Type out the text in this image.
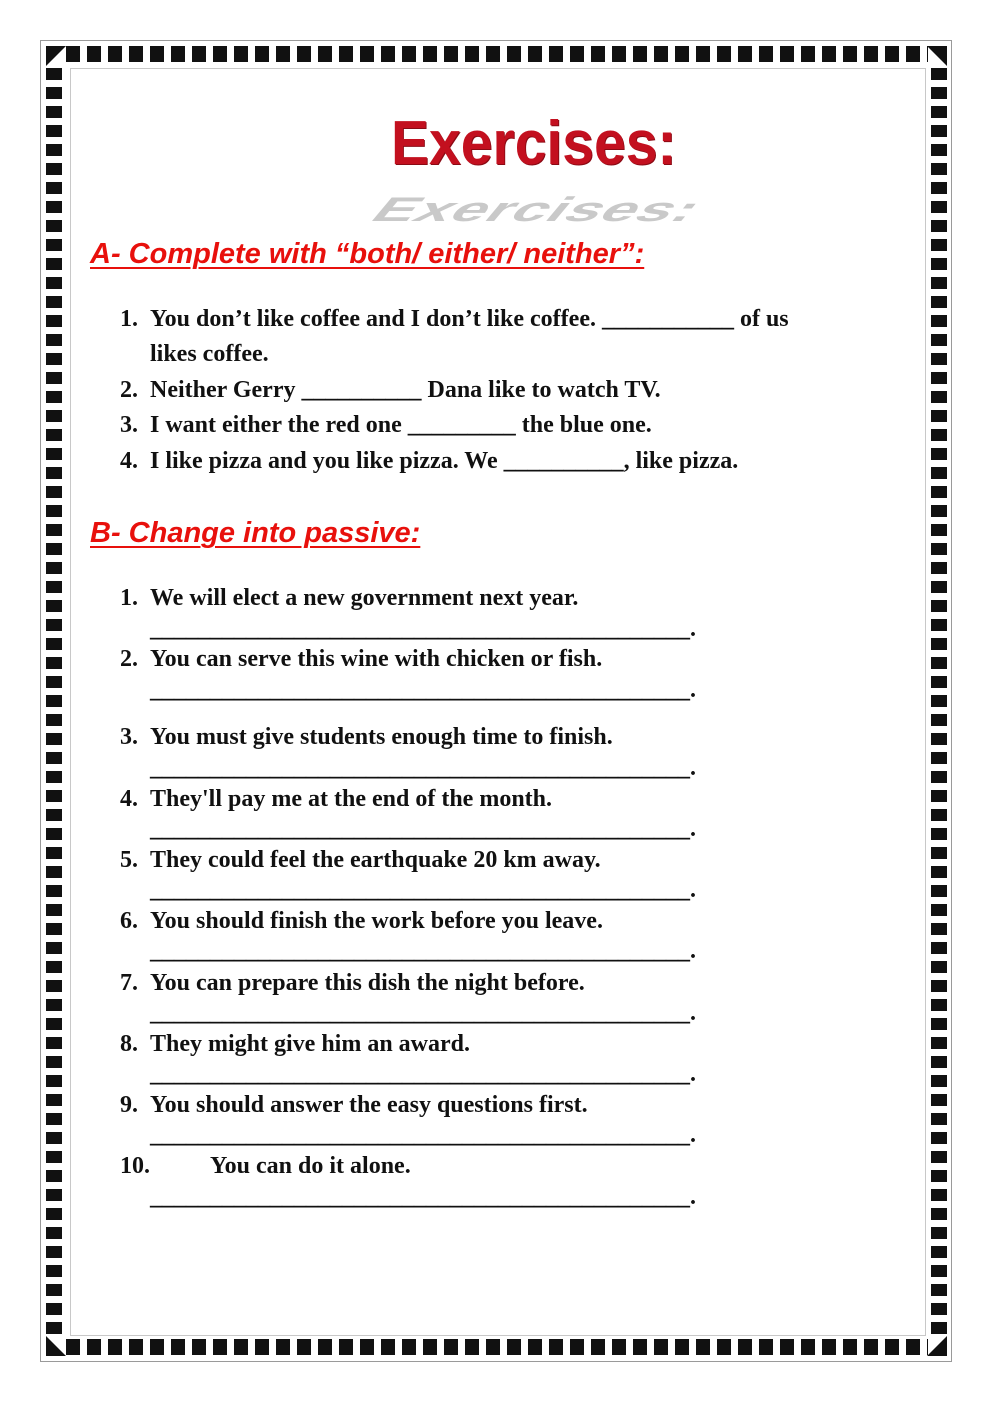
Exercises:
Exercises:
A- Complete with “both/ either/ neither”:
1. You don’t like coffee and I don’t like coffee. ___________ of us
likes coffee.
2. Neither Gerry __________ Dana like to watch TV.
3. I want either the red one _________ the blue one.
4. I like pizza and you like pizza. We __________, like pizza.
B- Change into passive:
1. We will elect a new government next year.
_____________________________________________.
2. You can serve this wine with chicken or fish.
_____________________________________________.
3. You must give students enough time to finish.
_____________________________________________.
4. They'll pay me at the end of the month.
_____________________________________________.
5. They could feel the earthquake 20 km away.
_____________________________________________.
6. You should finish the work before you leave.
_____________________________________________.
7. You can prepare this dish the night before.
_____________________________________________.
8. They might give him an award.
_____________________________________________.
9. You should answer the easy questions first.
_____________________________________________.
10.	You can do it alone.
_____________________________________________.
